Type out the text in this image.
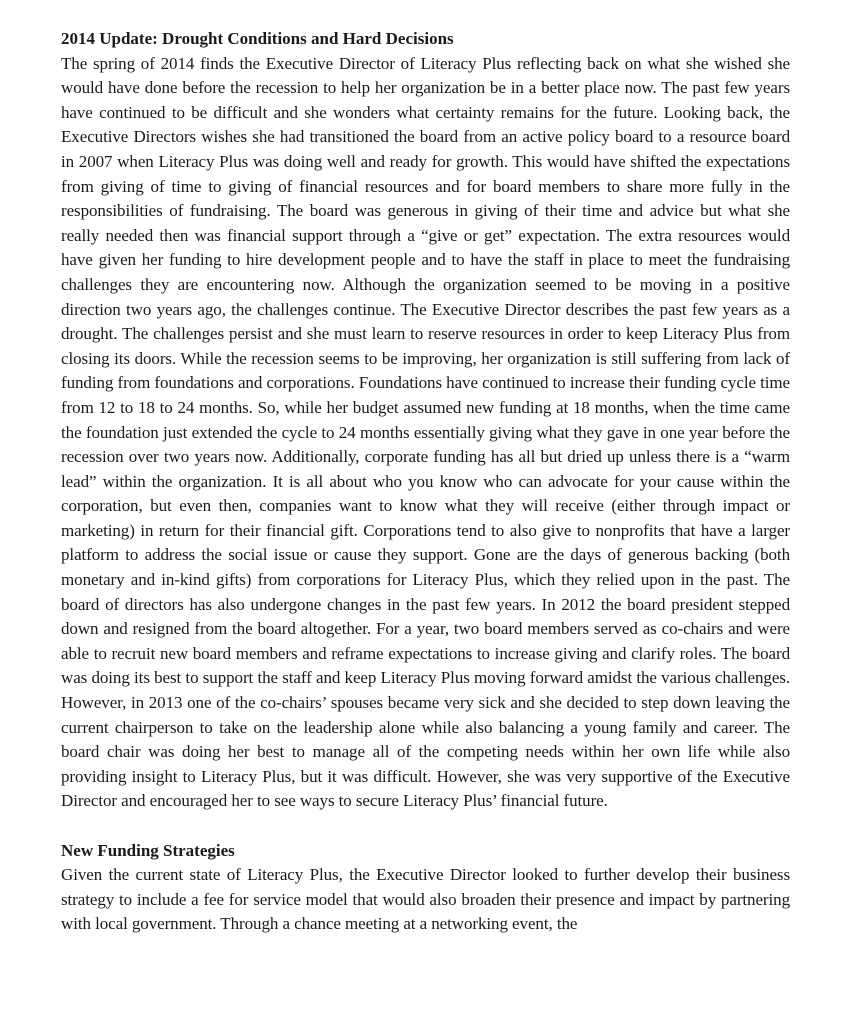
2014 Update: Drought Conditions and Hard Decisions

The spring of 2014 finds the Executive Director of Literacy Plus reflecting back on what she wished she would have done before the recession to help her organization be in a better place now. The past few years have continued to be difficult and she wonders what certainty remains for the future. Looking back, the Executive Directors wishes she had transitioned the board from an active policy board to a resource board in 2007 when Literacy Plus was doing well and ready for growth. This would have shifted the expectations from giving of time to giving of financial resources and for board members to share more fully in the responsibilities of fundraising. The board was generous in giving of their time and advice but what she really needed then was financial support through a “give or get” expectation. The extra resources would have given her funding to hire development people and to have the staff in place to meet the fundraising challenges they are encountering now. Although the organization seemed to be moving in a positive direction two years ago, the challenges continue. The Executive Director describes the past few years as a drought. The challenges persist and she must learn to reserve resources in order to keep Literacy Plus from closing its doors. While the recession seems to be improving, her organization is still suffering from lack of funding from foundations and corporations. Foundations have continued to increase their funding cycle time from 12 to 18 to 24 months. So, while her budget assumed new funding at 18 months, when the time came the foundation just extended the cycle to 24 months essentially giving what they gave in one year before the recession over two years now. Additionally, corporate funding has all but dried up unless there is a “warm lead” within the organization. It is all about who you know who can advocate for your cause within the corporation, but even then, companies want to know what they will receive (either through impact or marketing) in return for their financial gift. Corporations tend to also give to nonprofits that have a larger platform to address the social issue or cause they support. Gone are the days of generous backing (both monetary and in-kind gifts) from corporations for Literacy Plus, which they relied upon in the past. The board of directors has also undergone changes in the past few years. In 2012 the board president stepped down and resigned from the board altogether. For a year, two board members served as co-chairs and were able to recruit new board members and reframe expectations to increase giving and clarify roles. The board was doing its best to support the staff and keep Literacy Plus moving forward amidst the various challenges. However, in 2013 one of the co-chairs’ spouses became very sick and she decided to step down leaving the current chairperson to take on the leadership alone while also balancing a young family and career. The board chair was doing her best to manage all of the competing needs within her own life while also providing insight to Literacy Plus, but it was difficult. However, she was very supportive of the Executive Director and encouraged her to see ways to secure Literacy Plus’ financial future.

New Funding Strategies

Given the current state of Literacy Plus, the Executive Director looked to further develop their business strategy to include a fee for service model that would also broaden their presence and impact by partnering with local government. Through a chance meeting at a networking event, the
